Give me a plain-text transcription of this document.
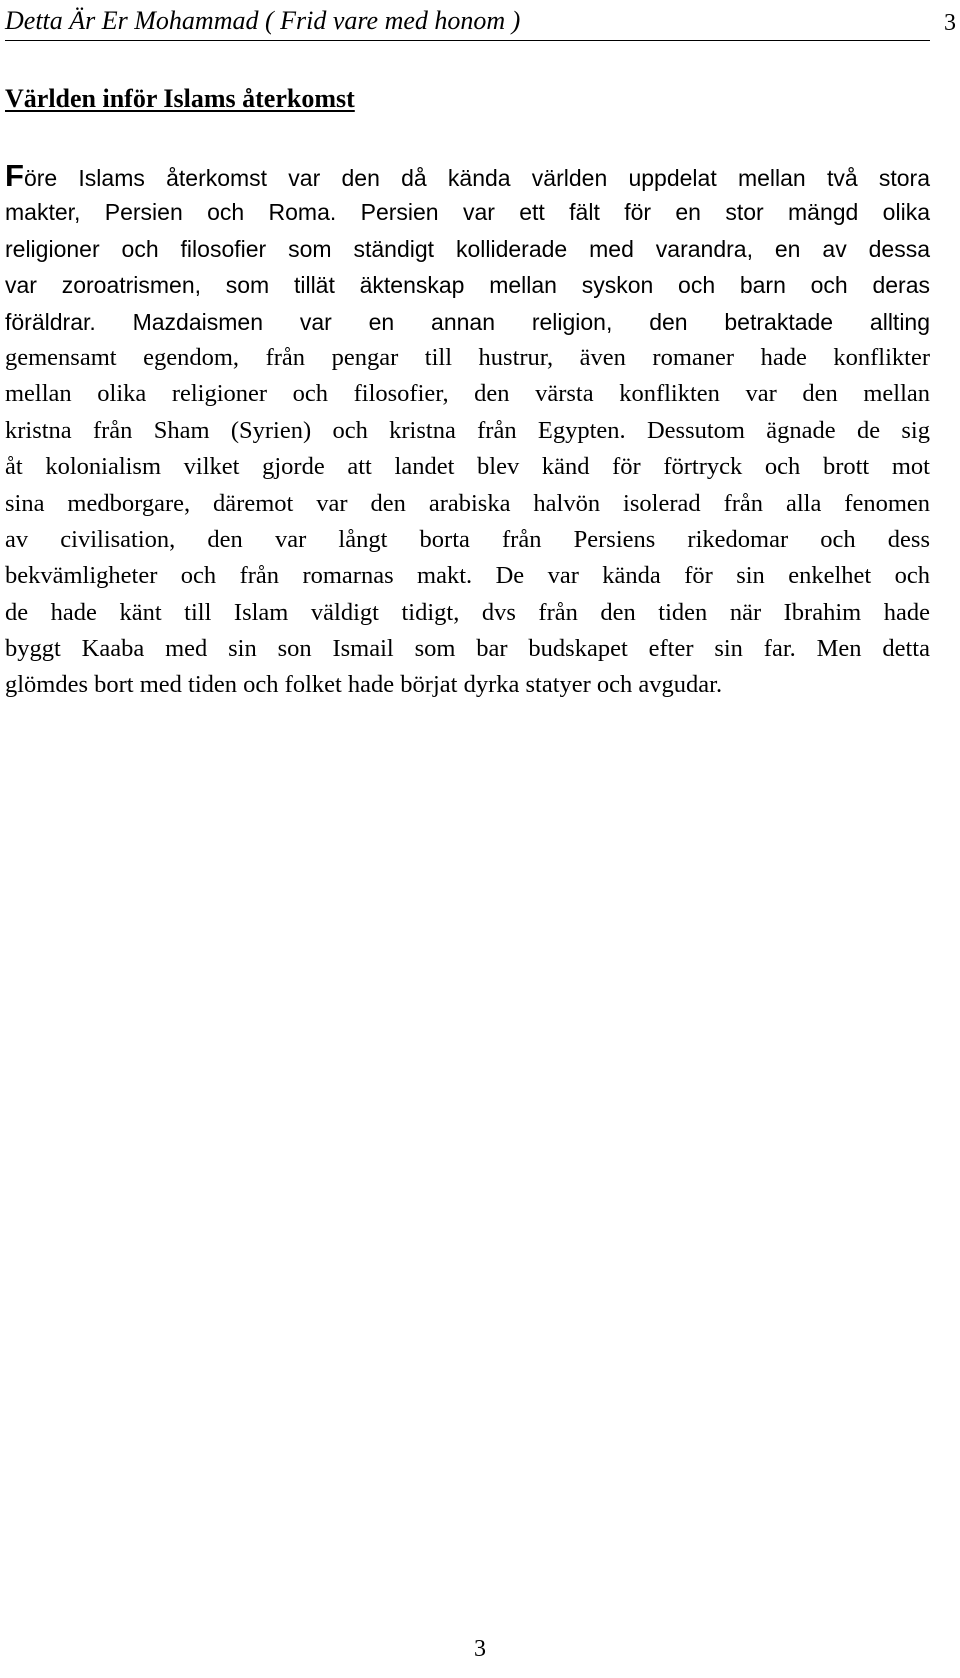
Detta Är Er Mohammad ( Frid vare med honom )	3
Världen inför Islams återkomst
Före Islams återkomst var den då kända världen uppdelat mellan två stora
makter, Persien och Roma. Persien var ett fält för en stor mängd olika
religioner och filosofier som ständigt kolliderade med varandra, en av dessa
var zoroatrismen, som tillät äktenskap mellan syskon och barn och deras
föräldrar. Mazdaismen var en annan religion, den betraktade allting
gemensamt egendom, från pengar till hustrur, även romaner hade konflikter
mellan olika religioner och filosofier, den värsta konflikten var den mellan
kristna från Sham (Syrien) och kristna från Egypten. Dessutom ägnade de sig
åt kolonialism vilket gjorde att landet blev känd för förtryck och brott mot
sina medborgare, däremot var den arabiska halvön isolerad från alla fenomen
av civilisation, den var långt borta från Persiens rikedomar och dess
bekvämligheter och från romarnas makt. De var kända för sin enkelhet och
de hade känt till Islam väldigt tidigt, dvs från den tiden när Ibrahim hade
byggt Kaaba med sin son Ismail som bar budskapet efter sin far. Men detta
glömdes bort med tiden och folket hade börjat dyrka statyer och avgudar.
3
